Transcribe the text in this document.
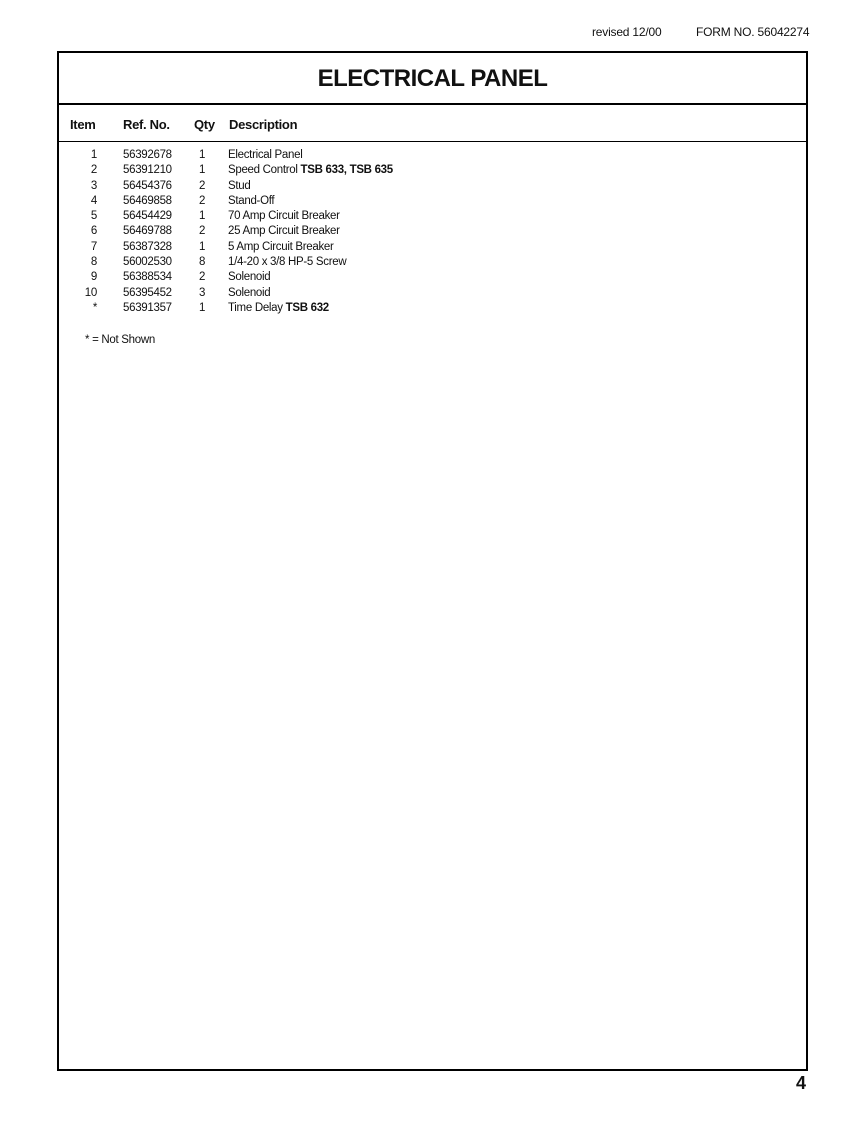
revised 12/00	FORM NO. 56042274
ELECTRICAL PANEL
Item Ref. No. Qty Description
1 56392678 1 Electrical Panel
2 56391210 1 Speed Control TSB 633, TSB 635
3 56454376 2 Stud
4 56469858 2 Stand-Off
5 56454429 1 70 Amp Circuit Breaker
6 56469788 2 25 Amp Circuit Breaker
7 56387328 1 5 Amp Circuit Breaker
8 56002530 8 1/4-20 x 3/8 HP-5 Screw
9 56388534 2 Solenoid
10 56395452 3 Solenoid
* 56391357 1 Time Delay TSB 632
* = Not Shown
4
